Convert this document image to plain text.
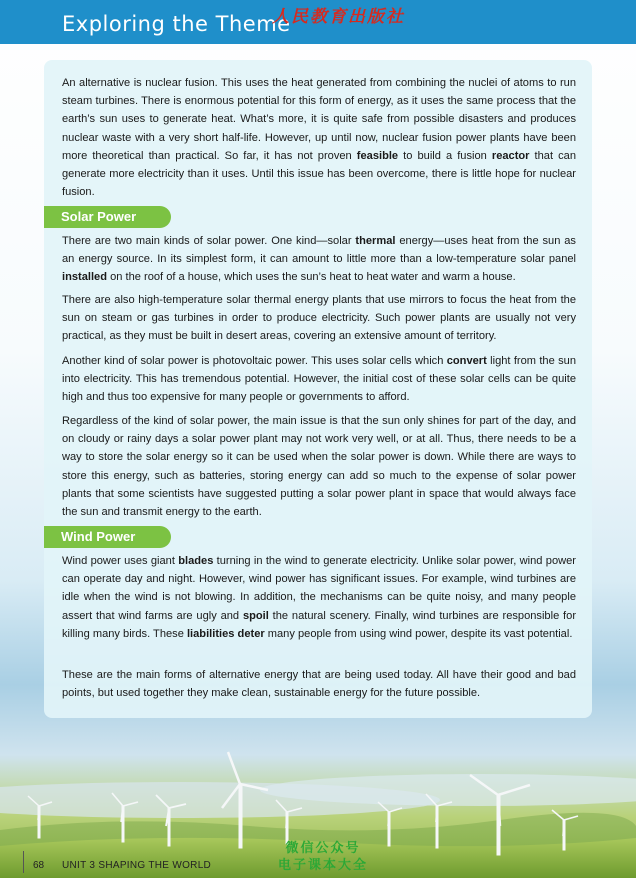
Exploring the Theme
人民教育出版社

An alternative is nuclear fusion. This uses the heat generated from combining the nuclei of atoms to run steam turbines. There is enormous potential for this form of energy, as it uses the same process that the earth’s sun uses to generate heat. What’s more, it is quite safe from possible disasters and produces nuclear waste with a very short half-life. However, up until now, nuclear fusion power plants have been more theoretical than practical. So far, it has not proven feasible to build a fusion reactor that can generate more electricity than it uses. Until this issue has been overcome, there is little hope for nuclear fusion.

Solar Power

There are two main kinds of solar power. One kind—solar thermal energy—uses heat from the sun as an energy source. In its simplest form, it can amount to little more than a low-temperature solar panel installed on the roof of a house, which uses the sun’s heat to heat water and warm a house.

There are also high-temperature solar thermal energy plants that use mirrors to focus the heat from the sun on steam or gas turbines in order to produce electricity. Such power plants are usually not very practical, as they must be built in desert areas, covering an extensive amount of territory.

Another kind of solar power is photovoltaic power. This uses solar cells which convert light from the sun into electricity. This has tremendous potential. However, the initial cost of these solar cells can be quite high and thus too expensive for many people or governments to afford.

Regardless of the kind of solar power, the main issue is that the sun only shines for part of the day, and on cloudy or rainy days a solar power plant may not work very well, or at all. Thus, there needs to be a way to store the solar energy so it can be used when the solar power is down. While there are ways to store this energy, such as batteries, storing energy can add so much to the expense of solar power plants that some scientists have suggested putting a solar power plant in space that would always face the sun and transmit energy to the earth.

Wind Power

Wind power uses giant blades turning in the wind to generate electricity. Unlike solar power, wind power can operate day and night. However, wind power has significant issues. For example, wind turbines are idle when the wind is not blowing. In addition, the mechanisms can be quite noisy, and many people assert that wind farms are ugly and spoil the natural scenery. Finally, wind turbines are responsible for killing many birds. These liabilities deter many people from using wind power, despite its vast potential.

These are the main forms of alternative energy that are being used today. All have their good and bad points, but used together they make clean, sustainable energy for the future possible.

68 UNIT 3 SHAPING THE WORLD
微信公众号
电子课本大全
